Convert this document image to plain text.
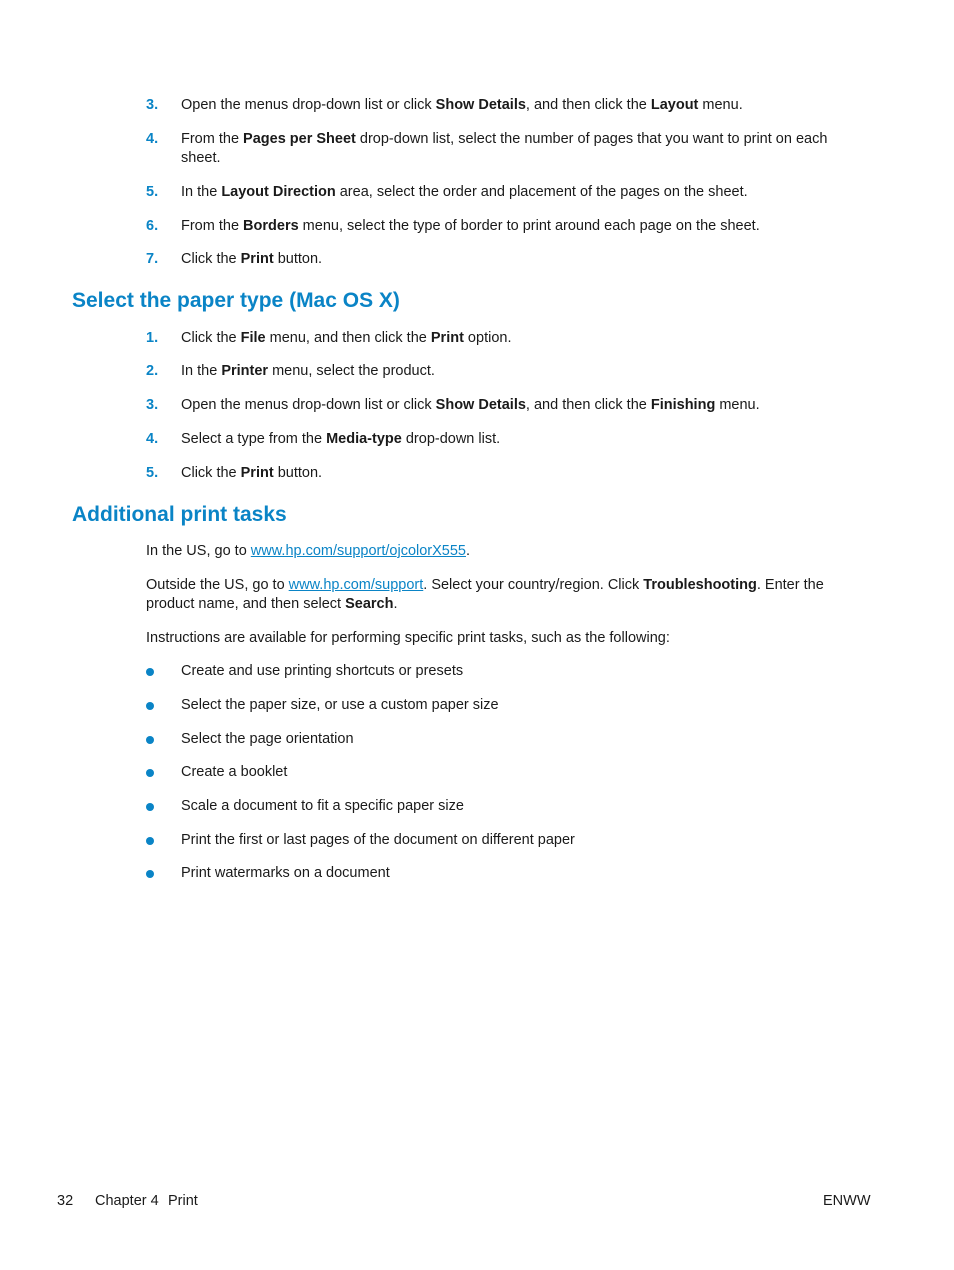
3.	Open the menus drop-down list or click Show Details, and then click the Layout menu.
4.	From the Pages per Sheet drop-down list, select the number of pages that you want to print on each sheet.
5.	In the Layout Direction area, select the order and placement of the pages on the sheet.
6.	From the Borders menu, select the type of border to print around each page on the sheet.
7.	Click the Print button.
Select the paper type (Mac OS X)
1.	Click the File menu, and then click the Print option.
2.	In the Printer menu, select the product.
3.	Open the menus drop-down list or click Show Details, and then click the Finishing menu.
4.	Select a type from the Media-type drop-down list.
5.	Click the Print button.
Additional print tasks
In the US, go to www.hp.com/support/ojcolorX555.
Outside the US, go to www.hp.com/support. Select your country/region. Click Troubleshooting. Enter the product name, and then select Search.
Instructions are available for performing specific print tasks, such as the following:
Create and use printing shortcuts or presets
Select the paper size, or use a custom paper size
Select the page orientation
Create a booklet
Scale a document to fit a specific paper size
Print the first or last pages of the document on different paper
Print watermarks on a document
32 Chapter 4 Print	ENWW
